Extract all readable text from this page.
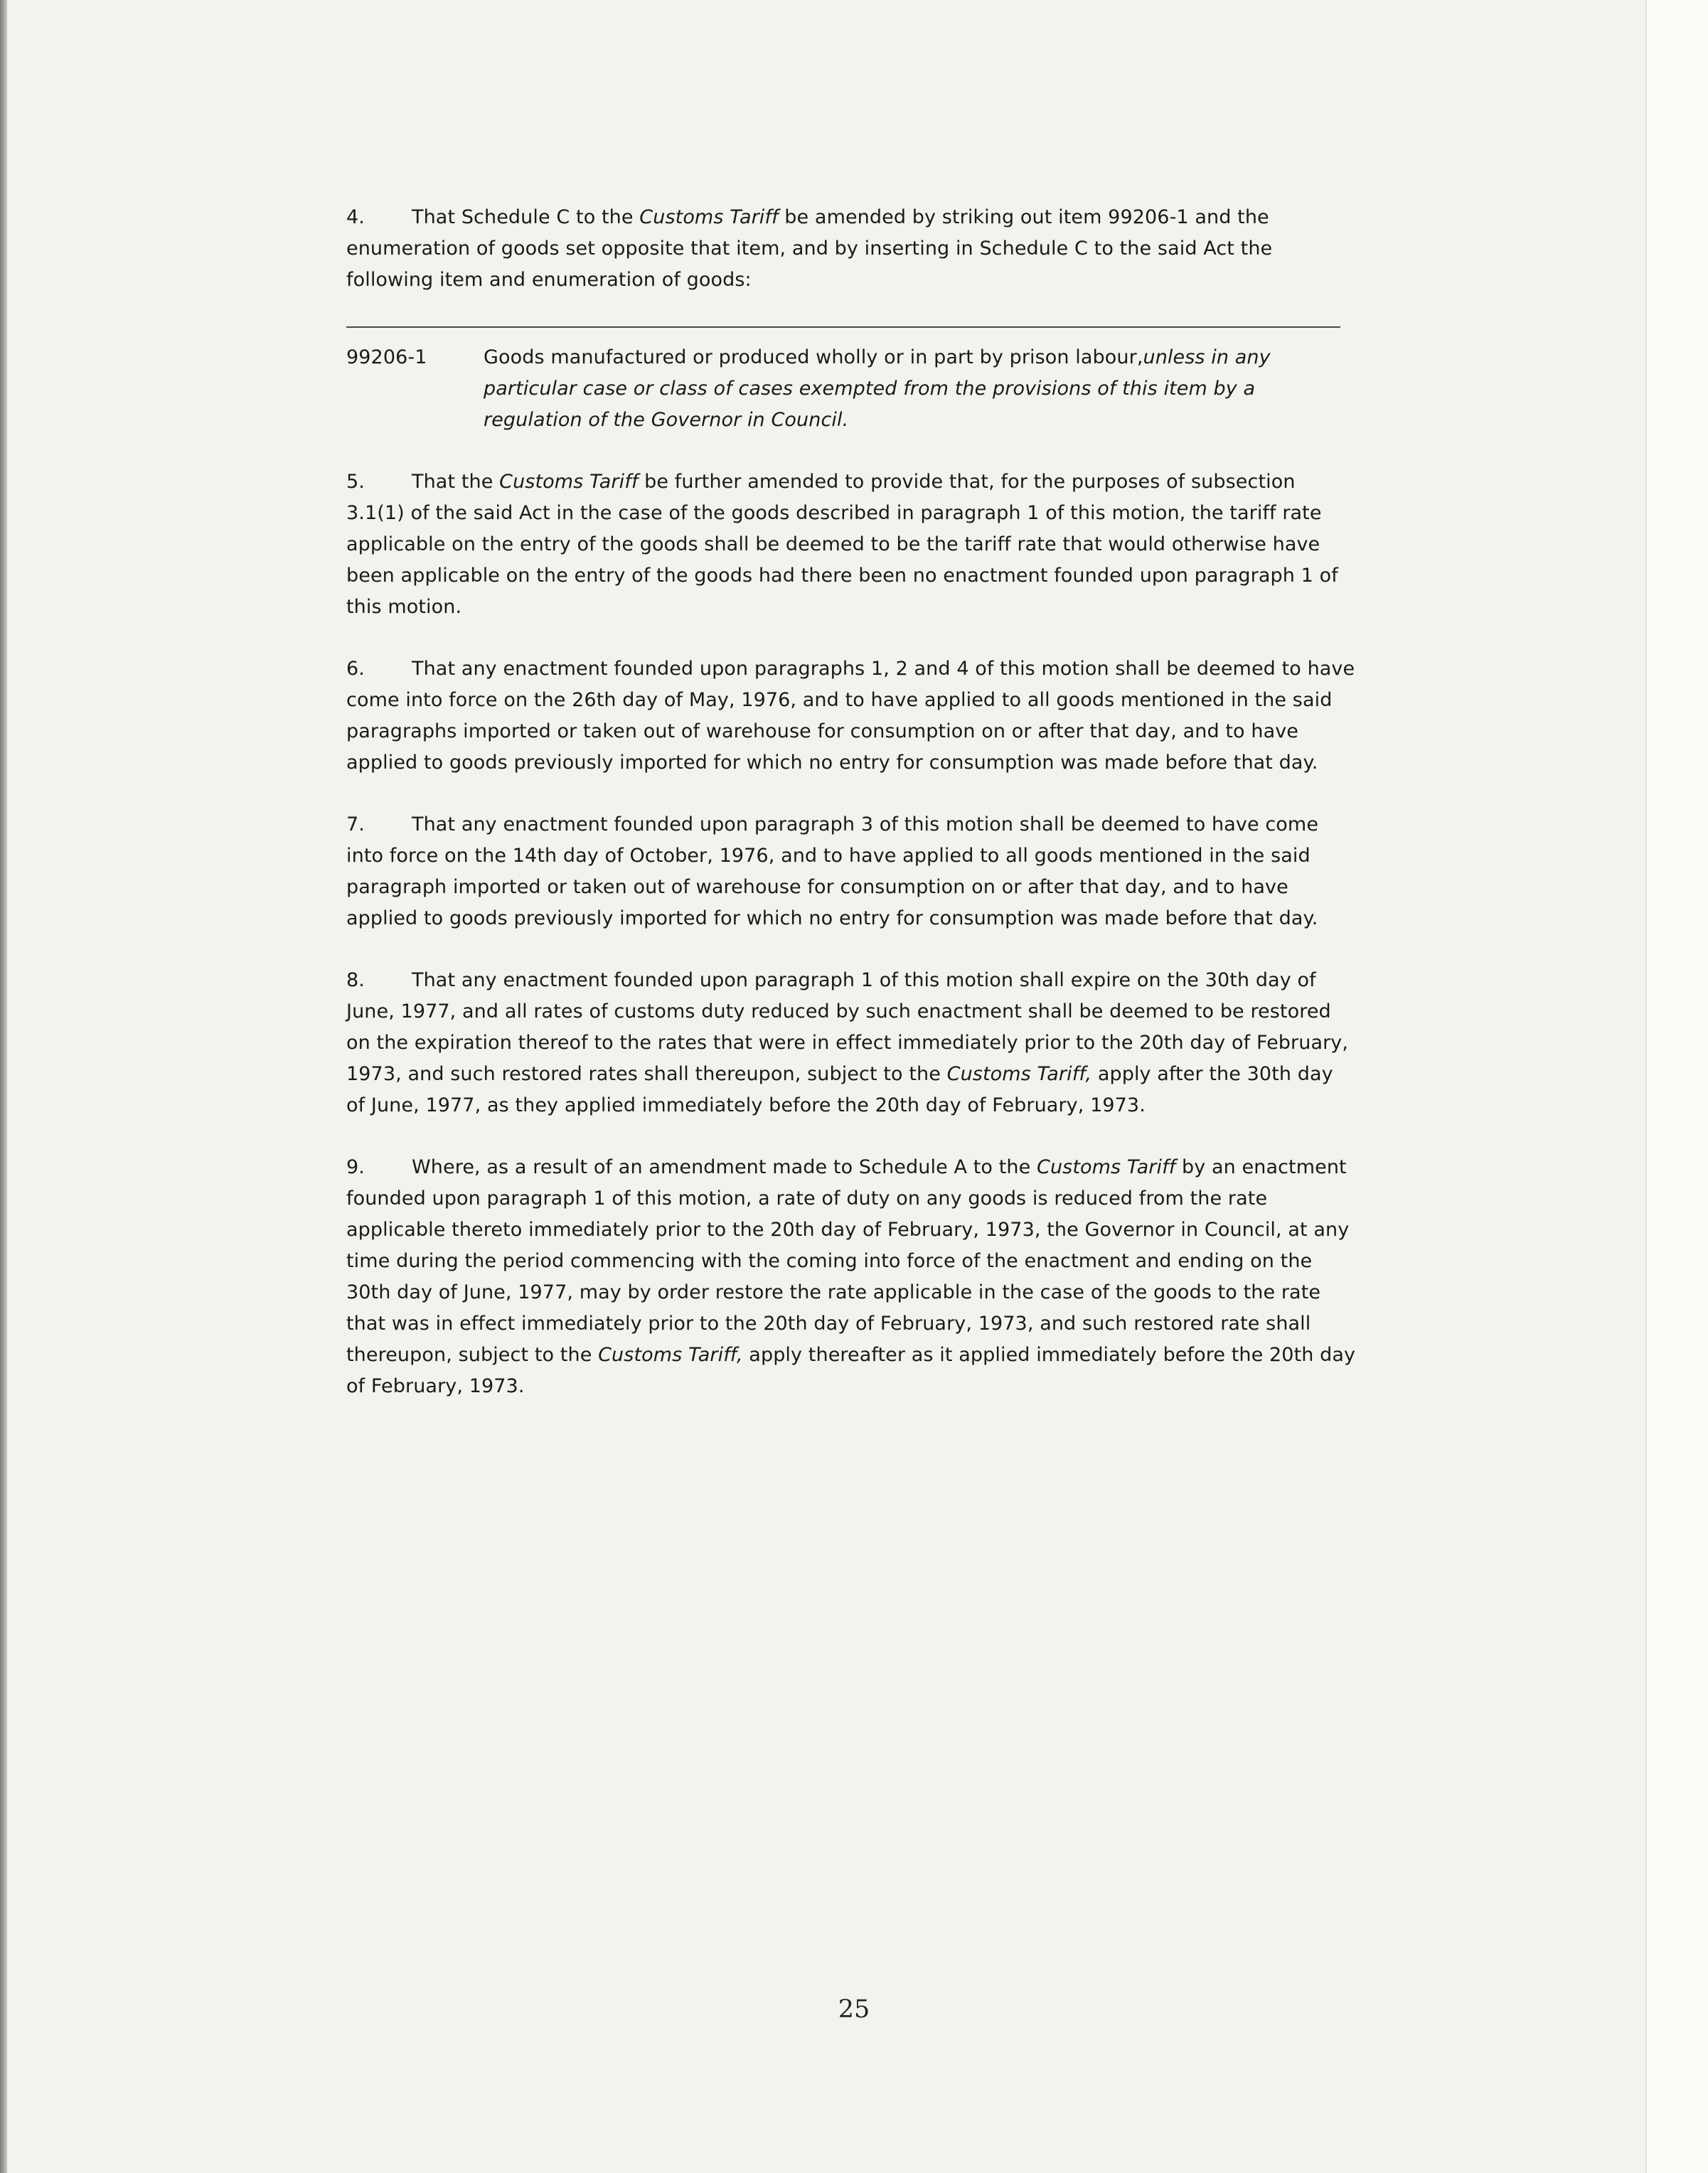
4. That Schedule C to the Customs Tariff be amended by striking out item 99206-1 and the enumeration of goods set opposite that item, and by inserting in Schedule C to the said Act the following item and enumeration of goods:

99206-1	Goods manufactured or produced wholly or in part by prison labour,unless in any particular case or class of cases exempted from the provisions of this item by a regulation of the Governor in Council.

5. That the Customs Tariff be further amended to provide that, for the purposes of subsection 3.1(1) of the said Act in the case of the goods described in paragraph 1 of this motion, the tariff rate applicable on the entry of the goods shall be deemed to be the tariff rate that would otherwise have been applicable on the entry of the goods had there been no enactment founded upon paragraph 1 of this motion.

6. That any enactment founded upon paragraphs 1, 2 and 4 of this motion shall be deemed to have come into force on the 26th day of May, 1976, and to have applied to all goods mentioned in the said paragraphs imported or taken out of warehouse for consumption on or after that day, and to have applied to goods previously imported for which no entry for consumption was made before that day.

7. That any enactment founded upon paragraph 3 of this motion shall be deemed to have come into force on the 14th day of October, 1976, and to have applied to all goods mentioned in the said paragraph imported or taken out of warehouse for consumption on or after that day, and to have applied to goods previously imported for which no entry for consumption was made before that day.

8. That any enactment founded upon paragraph 1 of this motion shall expire on the 30th day of June, 1977, and all rates of customs duty reduced by such enactment shall be deemed to be restored on the expiration thereof to the rates that were in effect immediately prior to the 20th day of February, 1973, and such restored rates shall thereupon, subject to the Customs Tariff, apply after the 30th day of June, 1977, as they applied immediately before the 20th day of February, 1973.

9. Where, as a result of an amendment made to Schedule A to the Customs Tariff by an enactment founded upon paragraph 1 of this motion, a rate of duty on any goods is reduced from the rate applicable thereto immediately prior to the 20th day of February, 1973, the Governor in Council, at any time during the period commencing with the coming into force of the enactment and ending on the 30th day of June, 1977, may by order restore the rate applicable in the case of the goods to the rate that was in effect immediately prior to the 20th day of February, 1973, and such restored rate shall thereupon, subject to the Customs Tariff, apply thereafter as it applied immediately before the 20th day of February, 1973.

25
